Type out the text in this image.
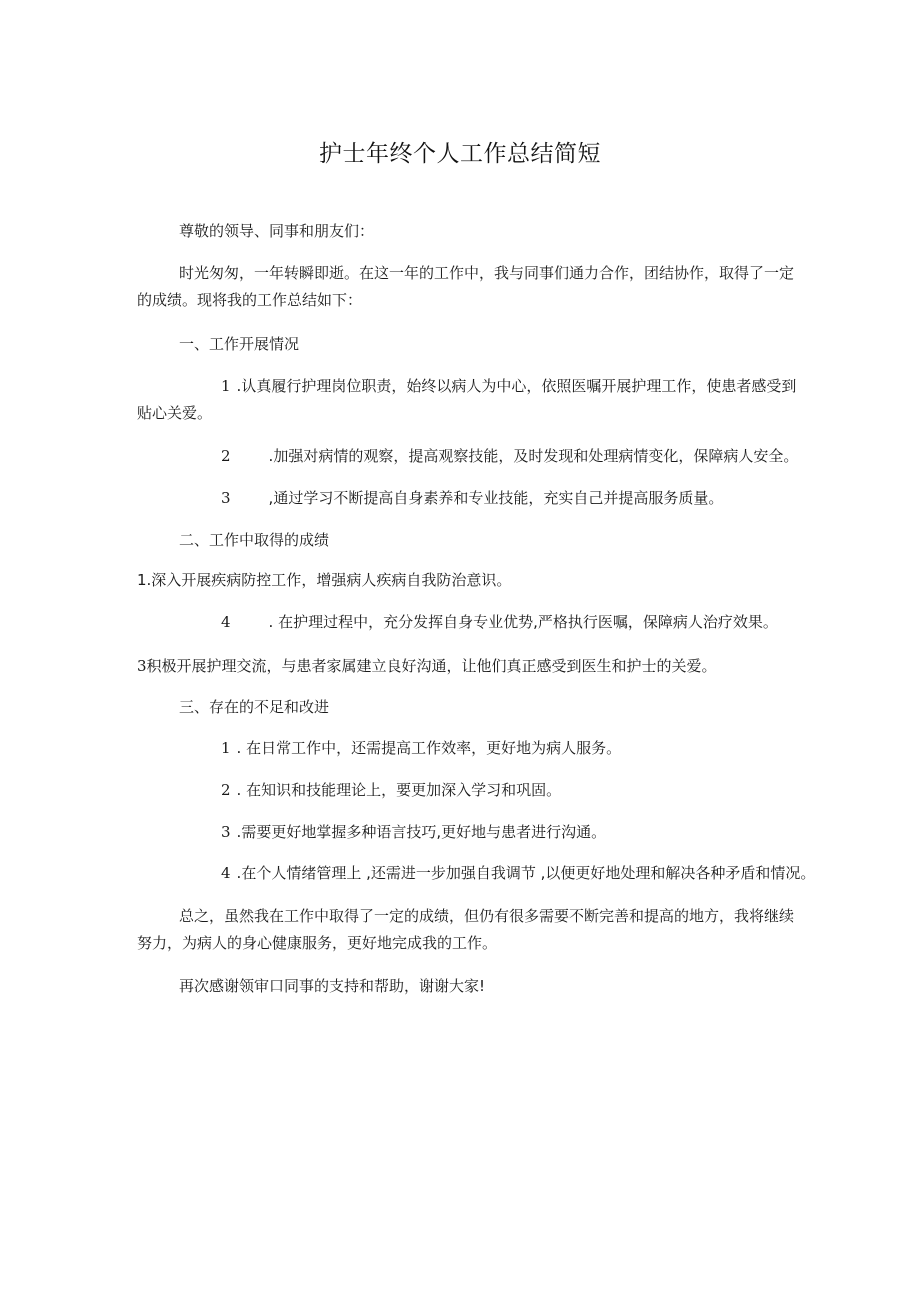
护士年终个人工作总结简短
尊敬的领导、同事和朋友们：
时光匆匆，一年转瞬即逝。在这一年的工作中，我与同事们通力合作，团结协作，取得了一定的成绩。现将我的工作总结如下：
一、工作开展情况
1 .认真履行护理岗位职责，始终以病人为中心，依照医嘱开展护理工作，使患者感受到贴心关爱。
2	.加强对病情的观察，提高观察技能，及时发现和处理病情变化，保障病人安全。
3	,通过学习不断提高自身素养和专业技能，充实自己并提高服务质量。
二、工作中取得的成绩
1.深入开展疾病防控工作，增强病人疾病自我防治意识。
4	. 在护理过程中，充分发挥自身专业优势,严格执行医嘱，保障病人治疗效果。
3积极开展护理交流，与患者家属建立良好沟通，让他们真正感受到医生和护士的关爱。
三、存在的不足和改进
1 . 在日常工作中，还需提高工作效率，更好地为病人服务。
2 . 在知识和技能理论上，要更加深入学习和巩固。
3 .需要更好地掌握多种语言技巧,更好地与患者进行沟通。
4 .在个人情绪管理上 ,还需进一步加强自我调节 ,以便更好地处理和解决各种矛盾和情况。
总之，虽然我在工作中取得了一定的成绩，但仍有很多需要不断完善和提高的地方，我将继续努力，为病人的身心健康服务，更好地完成我的工作。
再次感谢领审口同事的支持和帮助，谢谢大家!
